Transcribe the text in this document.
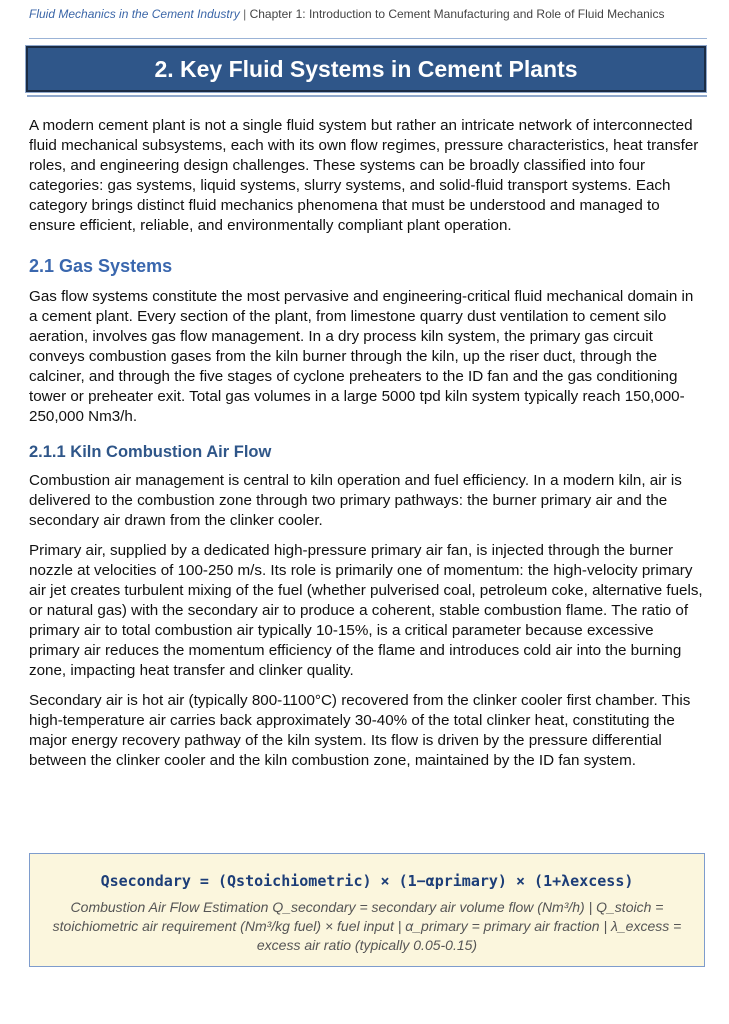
Fluid Mechanics in the Cement Industry | Chapter 1: Introduction to Cement Manufacturing and Role of Fluid Mechanics
2. Key Fluid Systems in Cement Plants

A modern cement plant is not a single fluid system but rather an intricate network of interconnected fluid mechanical subsystems, each with its own flow regimes, pressure characteristics, heat transfer roles, and engineering design challenges. These systems can be broadly classified into four categories: gas systems, liquid systems, slurry systems, and solid-fluid transport systems. Each category brings distinct fluid mechanics phenomena that must be understood and managed to ensure efficient, reliable, and environmentally compliant plant operation.

2.1 Gas Systems

Gas flow systems constitute the most pervasive and engineering-critical fluid mechanical domain in a cement plant. Every section of the plant, from limestone quarry dust ventilation to cement silo aeration, involves gas flow management. In a dry process kiln system, the primary gas circuit conveys combustion gases from the kiln burner through the kiln, up the riser duct, through the calciner, and through the five stages of cyclone preheaters to the ID fan and the gas conditioning tower or preheater exit. Total gas volumes in a large 5000 tpd kiln system typically reach 150,000-250,000 Nm3/h.

2.1.1 Kiln Combustion Air Flow

Combustion air management is central to kiln operation and fuel efficiency. In a modern kiln, air is delivered to the combustion zone through two primary pathways: the burner primary air and the secondary air drawn from the clinker cooler.

Primary air, supplied by a dedicated high-pressure primary air fan, is injected through the burner nozzle at velocities of 100-250 m/s. Its role is primarily one of momentum: the high-velocity primary air jet creates turbulent mixing of the fuel (whether pulverised coal, petroleum coke, alternative fuels, or natural gas) with the secondary air to produce a coherent, stable combustion flame. The ratio of primary air to total combustion air typically 10-15%, is a critical parameter because excessive primary air reduces the momentum efficiency of the flame and introduces cold air into the burning zone, impacting heat transfer and clinker quality.

Secondary air is hot air (typically 800-1100°C) recovered from the clinker cooler first chamber. This high-temperature air carries back approximately 30-40% of the total clinker heat, constituting the major energy recovery pathway of the kiln system. Its flow is driven by the pressure differential between the clinker cooler and the kiln combustion zone, maintained by the ID fan system.

Qsecondary = (Qstoichiometric) × (1−αprimary) × (1+λexcess)
Combustion Air Flow Estimation Q_secondary = secondary air volume flow (Nm³/h) | Q_stoich = stoichiometric air requirement (Nm³/kg fuel) × fuel input | α_primary = primary air fraction | λ_excess = excess air ratio (typically 0.05-0.15)
